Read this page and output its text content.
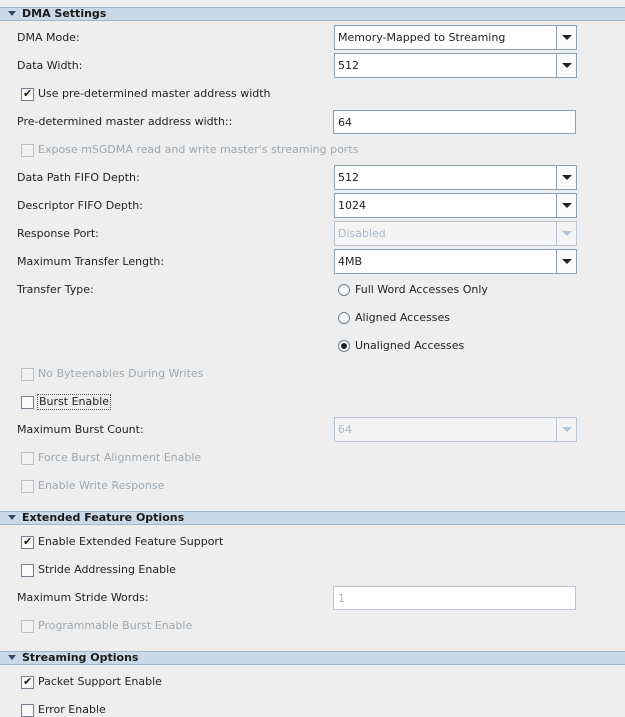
DMA Settings
DMA Mode:	Memory-Mapped to Streaming
Data Width:	512
✔
Use pre-determined master address width
Pre-determined master address width::	64
Expose mSGDMA read and write master's streaming ports
Data Path FIFO Depth:	512
Descriptor FIFO Depth:	1024
Response Port:	Disabled
Maximum Transfer Length:	4MB
Transfer Type:	Full Word Accesses Only
Aligned Accesses
Unaligned Accesses
No Byteenables During Writes
Burst Enable
Maximum Burst Count:	64
Force Burst Alignment Enable
Enable Write Response
Extended Feature Options
✔
Enable Extended Feature Support
Stride Addressing Enable
Maximum Stride Words:	1
Programmable Burst Enable
Streaming Options
✔
Packet Support Enable
Error Enable
